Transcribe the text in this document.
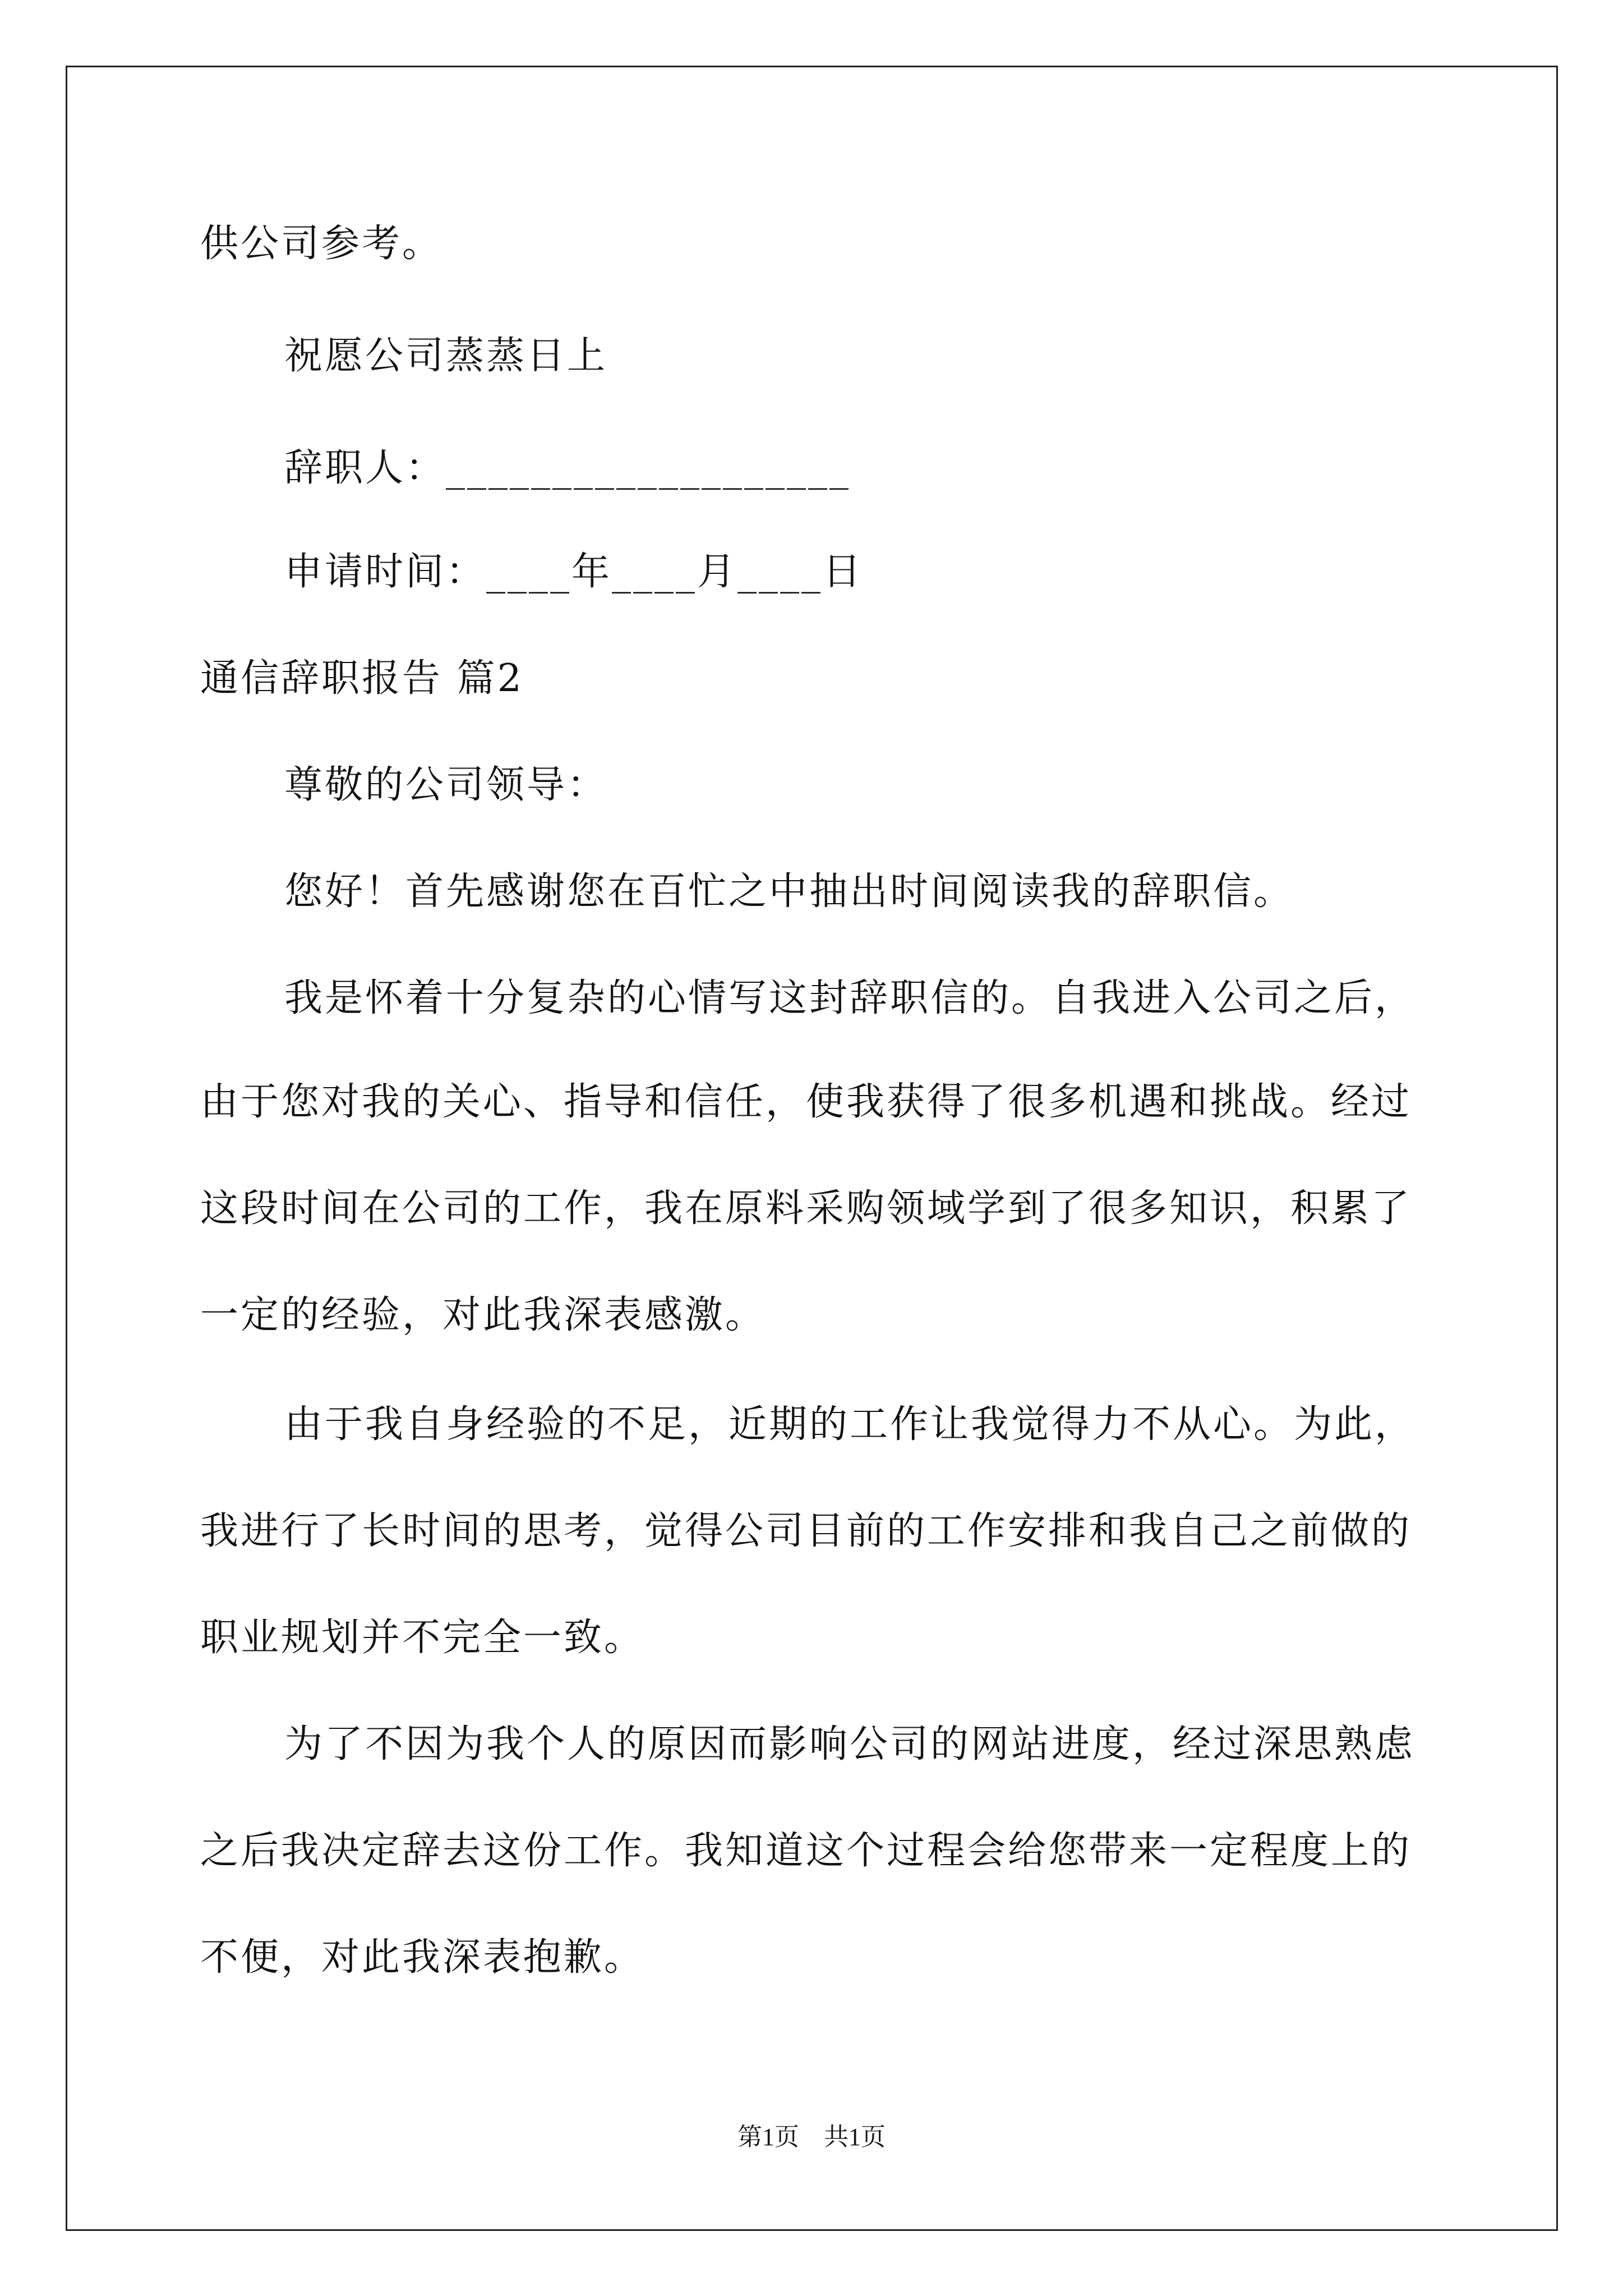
供公司参考。
祝愿公司蒸蒸日上
辞职人：___________________
申请时间：____年____月____日
通信辞职报告 篇2
尊敬的公司领导：
您好！首先感谢您在百忙之中抽出时间阅读我的辞职信。
我是怀着十分复杂的心情写这封辞职信的。自我进入公司之后，
由于您对我的关心、指导和信任，使我获得了很多机遇和挑战。经过
这段时间在公司的工作，我在原料采购领域学到了很多知识，积累了
一定的经验，对此我深表感激。
由于我自身经验的不足，近期的工作让我觉得力不从心。为此，
我进行了长时间的思考，觉得公司目前的工作安排和我自己之前做的
职业规划并不完全一致。
为了不因为我个人的原因而影响公司的网站进度，经过深思熟虑
之后我决定辞去这份工作。我知道这个过程会给您带来一定程度上的
不便，对此我深表抱歉。
第1页　共1页
